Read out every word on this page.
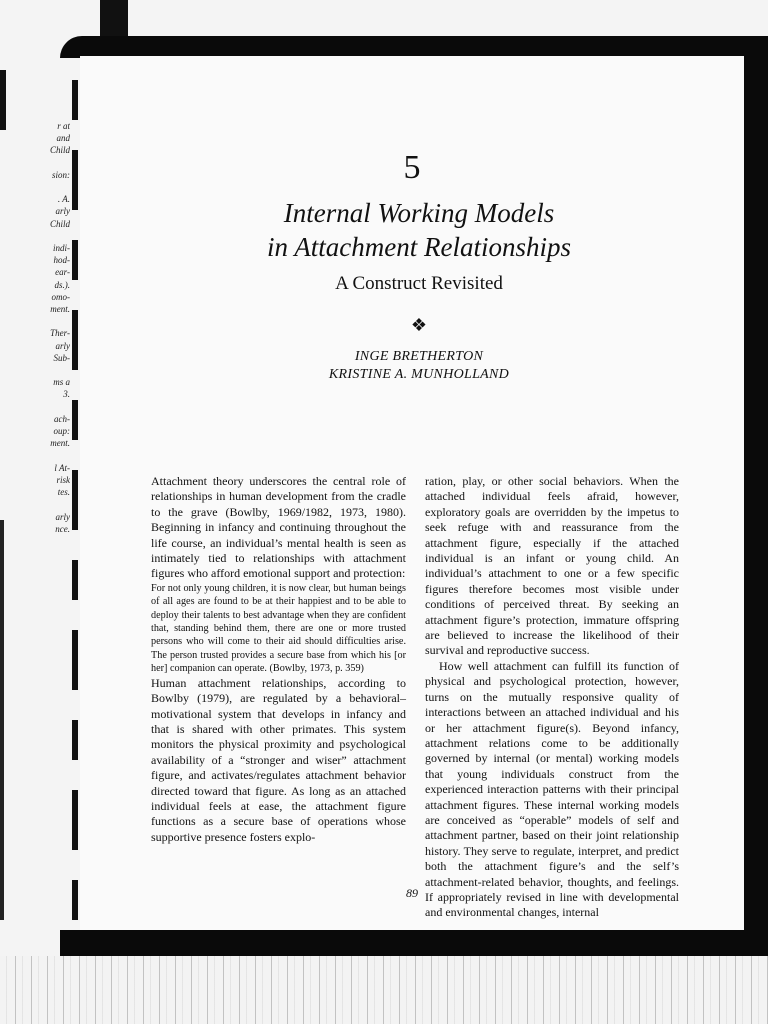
r at
and
Child

sion:

. A.
arly
Child

indi-
hod-
ear-
ds.).
omo-
ment.

Ther-
arly
Sub-

ms a
3.

ach-
oup:
ment.

l At-
risk
tes.

arly
nce.
5
Internal Working Models
in Attachment Relationships
A Construct Revisited
❖
INGE BRETHERTON
KRISTINE A. MUNHOLLAND

Attachment theory underscores the central role of relationships in human development from the cradle to the grave (Bowlby, 1969/1982, 1973, 1980). Beginning in infancy and continuing throughout the life course, an individual’s mental health is seen as intimately tied to relationships with attachment figures who afford emotional support and protection:

For not only young children, it is now clear, but human beings of all ages are found to be at their happiest and to be able to deploy their talents to best advantage when they are confident that, standing behind them, there are one or more trusted persons who will come to their aid should difficulties arise. The person trusted provides a secure base from which his [or her] companion can operate. (Bowlby, 1973, p. 359)

Human attachment relationships, according to Bowlby (1979), are regulated by a behavioral–motivational system that develops in infancy and that is shared with other primates. This system monitors the physical proximity and psychological availability of a “stronger and wiser” attachment figure, and activates/regulates attachment behavior directed toward that figure. As long as an attached individual feels at ease, the attachment figure functions as a secure base of operations whose supportive presence fosters explo-

ration, play, or other social behaviors. When the attached individual feels afraid, however, exploratory goals are overridden by the impetus to seek refuge with and reassurance from the attachment figure, especially if the attached individual is an infant or young child. An individual’s attachment to one or a few specific figures therefore becomes most visible under conditions of perceived threat. By seeking an attachment figure’s protection, immature offspring are believed to increase the likelihood of their survival and reproductive success.

How well attachment can fulfill its function of physical and psychological protection, however, turns on the mutually responsive quality of interactions between an attached individual and his or her attachment figure(s). Beyond infancy, attachment relations come to be additionally governed by internal (or mental) working models that young individuals construct from the experienced interaction patterns with their principal attachment figures. These internal working models are conceived as “operable” models of self and attachment partner, based on their joint relationship history. They serve to regulate, interpret, and predict both the attachment figure’s and the self’s attachment-related behavior, thoughts, and feelings. If appropriately revised in line with developmental and environmental changes, internal

89
